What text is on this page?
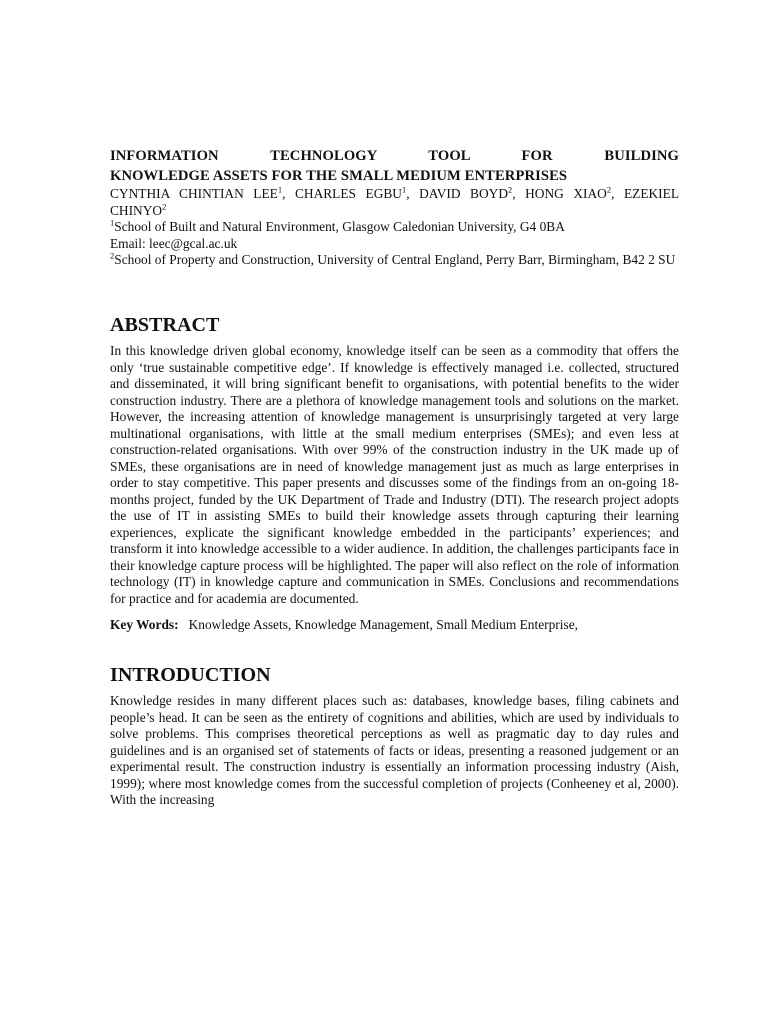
INFORMATION TECHNOLOGY TOOL FOR BUILDING
KNOWLEDGE ASSETS FOR THE SMALL MEDIUM ENTERPRISES

CYNTHIA CHINTIAN LEE$^1$, CHARLES EGBU$^1$, DAVID BOYD$^2$, HONG XIAO$^2$, EZEKIEL CHINYO$^2$

$^1$School of Built and Natural Environment, Glasgow Caledonian University, G4 0BA
Email: leec@gcal.ac.uk
$^2$School of Property and Construction, University of Central England, Perry Barr, Birmingham, B42 2 SU
ABSTRACT

In this knowledge driven global economy, knowledge itself can be seen as a commodity that offers the only ‘true sustainable competitive edge’. If knowledge is effectively managed i.e. collected, structured and disseminated, it will bring significant benefit to organisations, with potential benefits to the wider construction industry. There are a plethora of knowledge management tools and solutions on the market. However, the increasing attention of knowledge management is unsurprisingly targeted at very large multinational organisations, with little at the small medium enterprises (SMEs); and even less at construction-related organisations. With over 99% of the construction industry in the UK made up of SMEs, these organisations are in need of knowledge management just as much as large enterprises in order to stay competitive. This paper presents and discusses some of the findings from an on-going 18-months project, funded by the UK Department of Trade and Industry (DTI). The research project adopts the use of IT in assisting SMEs to build their knowledge assets through capturing their learning experiences, explicate the significant knowledge embedded in the participants’ experiences; and transform it into knowledge accessible to a wider audience. In addition, the challenges participants face in their knowledge capture process will be highlighted. The paper will also reflect on the role of information technology (IT) in knowledge capture and communication in SMEs. Conclusions and recommendations for practice and for academia are documented.

Key Words: Knowledge Assets, Knowledge Management, Small Medium Enterprise,

INTRODUCTION

Knowledge resides in many different places such as: databases, knowledge bases, filing cabinets and people’s head. It can be seen as the entirety of cognitions and abilities, which are used by individuals to solve problems. This comprises theoretical perceptions as well as pragmatic day to day rules and guidelines and is an organised set of statements of facts or ideas, presenting a reasoned judgement or an experimental result. The construction industry is essentially an information processing industry (Aish, 1999); where most knowledge comes from the successful completion of projects (Conheeney et al, 2000). With the increasing
